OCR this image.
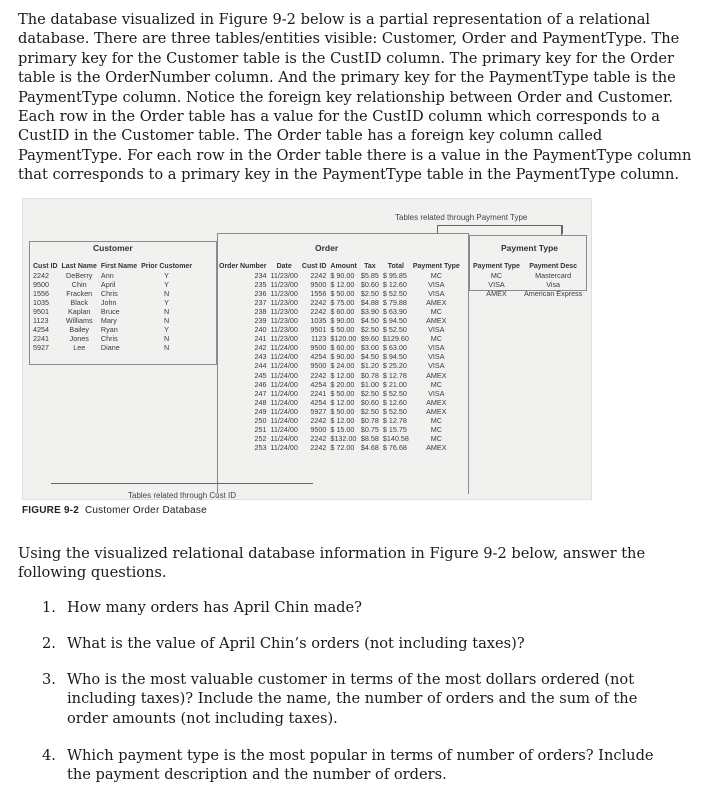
The database visualized in Figure 9-2 below is a partial representation of a relational database. There are three tables/entities visible: Customer, Order and PaymentType. The primary key for the Customer table is the CustID column. The primary key for the Order table is the OrderNumber column. And the primary key for the PaymentType table is the PaymentType column. Notice the foreign key relationship between Order and Customer. Each row in the Order table has a value for the CustID column which corresponds to a CustID in the Customer table. The Order table has a foreign key column called PaymentType. For each row in the Order table there is a value in the PaymentType column that corresponds to a primary key in the PaymentType table in the PaymentType column.

Tables related through Payment Type
Customer
Cust ID	Last Name	First Name	Prior Customer
2242	DeBerry	Ann	Y
9500	Chin	April	Y
1556	Fracken	Chris	N
1035	Black	John	Y
9501	Kaplan	Bruce	N
1123	Williams	Mary	N
4254	Bailey	Ryan	Y
2241	Jones	Chris	N
5927	Lee	Diane	N
Order
Order Number	Date	Cust ID	Amount	Tax	Total	Payment Type
234	11/23/00	2242	$ 90.00	$5.85	$ 95.85	MC
235	11/23/00	9500	$ 12.00	$0.60	$ 12.60	VISA
236	11/23/00	1556	$ 50.00	$2.50	$ 52.50	VISA
237	11/23/00	2242	$ 75.00	$4.88	$ 79.88	AMEX
238	11/23/00	2242	$ 60.00	$3.90	$ 63.90	MC
239	11/23/00	1035	$ 90.00	$4.50	$ 94.50	AMEX
240	11/23/00	9501	$ 50.00	$2.50	$ 52.50	VISA
241	11/23/00	1123	$120.00	$9.60	$129.60	MC
242	11/24/00	9500	$ 60.00	$3.00	$ 63.00	VISA
243	11/24/00	4254	$ 90.00	$4.50	$ 94.50	VISA
244	11/24/00	9500	$ 24.00	$1.20	$ 25.20	VISA
245	11/24/00	2242	$ 12.00	$0.78	$ 12.78	AMEX
246	11/24/00	4254	$ 20.00	$1.00	$ 21.00	MC
247	11/24/00	2241	$ 50.00	$2.50	$ 52.50	VISA
248	11/24/00	4254	$ 12.00	$0.60	$ 12.60	AMEX
249	11/24/00	5927	$ 50.00	$2.50	$ 52.50	AMEX
250	11/24/00	2242	$ 12.00	$0.78	$ 12.78	MC
251	11/24/00	9500	$ 15.00	$0.75	$ 15.75	MC
252	11/24/00	2242	$132.00	$8.58	$140.58	MC
253	11/24/00	2242	$ 72.00	$4.68	$ 76.68	AMEX
Payment Type
Payment Type	Payment Desc
MC	Mastercard
VISA	Visa
AMEX	American Express
Tables related through Cust ID
FIGURE 9-2 Customer Order Database

Using the visualized relational database information in Figure 9-2 below, answer the following questions.

1. How many orders has April Chin made?
2. What is the value of April Chin’s orders (not including taxes)?
3. Who is the most valuable customer in terms of the most dollars ordered (not including taxes)? Include the name, the number of orders and the sum of the order amounts (not including taxes).
4. Which payment type is the most popular in terms of number of orders? Include the payment description and the number of orders.
